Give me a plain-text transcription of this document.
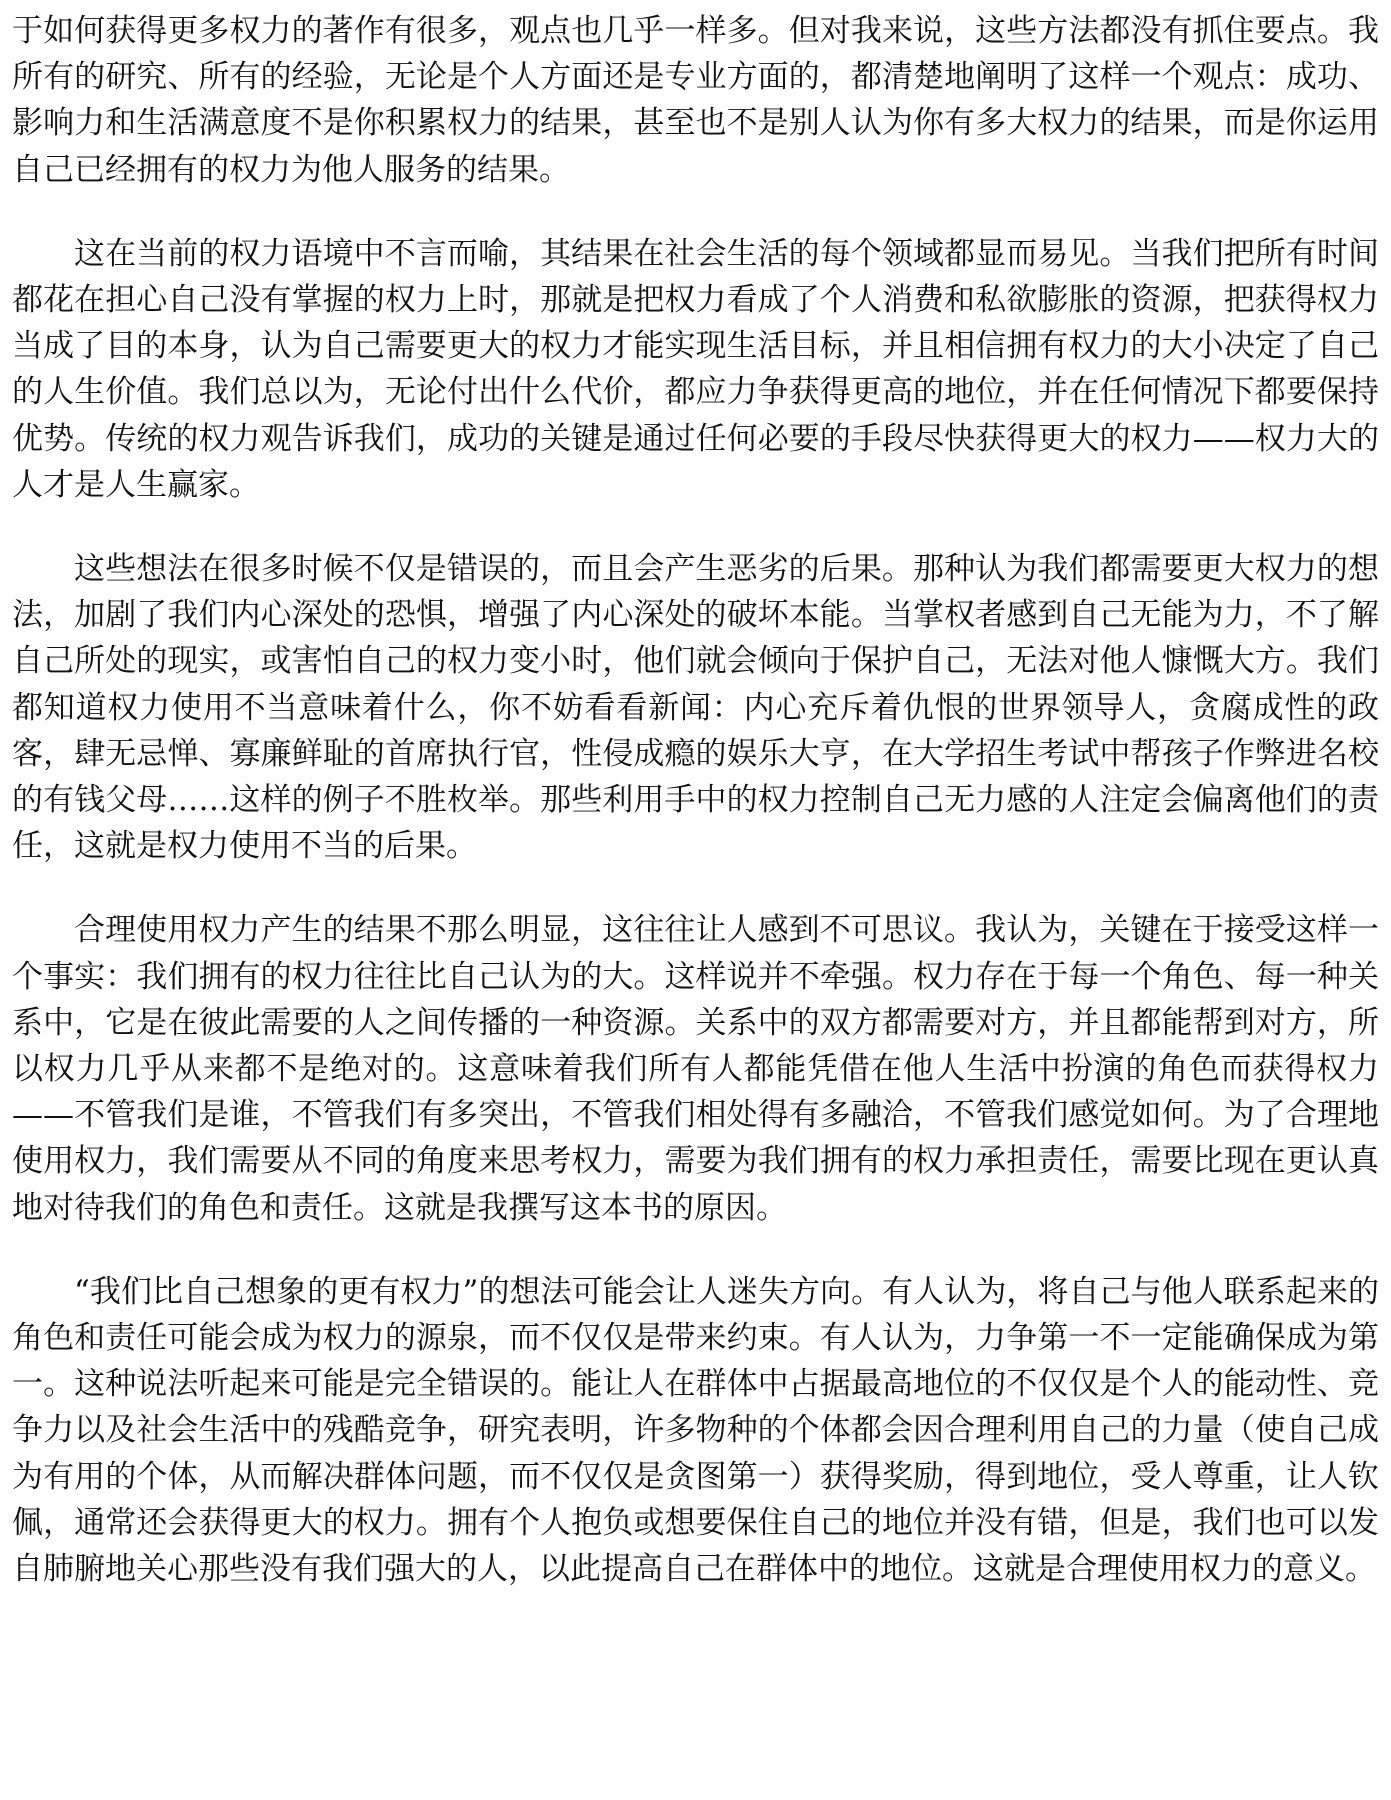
于如何获得更多权力的著作有很多，观点也几乎一样多。但对我来说，这些方法都没有抓住要点。我所有的研究、所有的经验，无论是个人方面还是专业方面的，都清楚地阐明了这样一个观点：成功、影响力和生活满意度不是你积累权力的结果，甚至也不是别人认为你有多大权力的结果，而是你运用自己已经拥有的权力为他人服务的结果。

这在当前的权力语境中不言而喻，其结果在社会生活的每个领域都显而易见。当我们把所有时间都花在担心自己没有掌握的权力上时，那就是把权力看成了个人消费和私欲膨胀的资源，把获得权力当成了目的本身，认为自己需要更大的权力才能实现生活目标，并且相信拥有权力的大小决定了自己的人生价值。我们总以为，无论付出什么代价，都应力争获得更高的地位，并在任何情况下都要保持优势。传统的权力观告诉我们，成功的关键是通过任何必要的手段尽快获得更大的权力——权力大的人才是人生赢家。

这些想法在很多时候不仅是错误的，而且会产生恶劣的后果。那种认为我们都需要更大权力的想法，加剧了我们内心深处的恐惧，增强了内心深处的破坏本能。当掌权者感到自己无能为力，不了解自己所处的现实，或害怕自己的权力变小时，他们就会倾向于保护自己，无法对他人慷慨大方。我们都知道权力使用不当意味着什么，你不妨看看新闻：内心充斥着仇恨的世界领导人，贪腐成性的政客，肆无忌惮、寡廉鲜耻的首席执行官，性侵成瘾的娱乐大亨，在大学招生考试中帮孩子作弊进名校的有钱父母……这样的例子不胜枚举。那些利用手中的权力控制自己无力感的人注定会偏离他们的责任，这就是权力使用不当的后果。

合理使用权力产生的结果不那么明显，这往往让人感到不可思议。我认为，关键在于接受这样一个事实：我们拥有的权力往往比自己认为的大。这样说并不牵强。权力存在于每一个角色、每一种关系中，它是在彼此需要的人之间传播的一种资源。关系中的双方都需要对方，并且都能帮到对方，所以权力几乎从来都不是绝对的。这意味着我们所有人都能凭借在他人生活中扮演的角色而获得权力——不管我们是谁，不管我们有多突出，不管我们相处得有多融洽，不管我们感觉如何。为了合理地使用权力，我们需要从不同的角度来思考权力，需要为我们拥有的权力承担责任，需要比现在更认真地对待我们的角色和责任。这就是我撰写这本书的原因。

“我们比自己想象的更有权力”的想法可能会让人迷失方向。有人认为，将自己与他人联系起来的角色和责任可能会成为权力的源泉，而不仅仅是带来约束。有人认为，力争第一不一定能确保成为第一。这种说法听起来可能是完全错误的。能让人在群体中占据最高地位的不仅仅是个人的能动性、竞争力以及社会生活中的残酷竞争，研究表明，许多物种的个体都会因合理利用自己的力量（使自己成为有用的个体，从而解决群体问题，而不仅仅是贪图第一）获得奖励，得到地位，受人尊重，让人钦佩，通常还会获得更大的权力。拥有个人抱负或想要保住自己的地位并没有错，但是，我们也可以发自肺腑地关心那些没有我们强大的人，以此提高自己在群体中的地位。这就是合理使用权力的意义。
